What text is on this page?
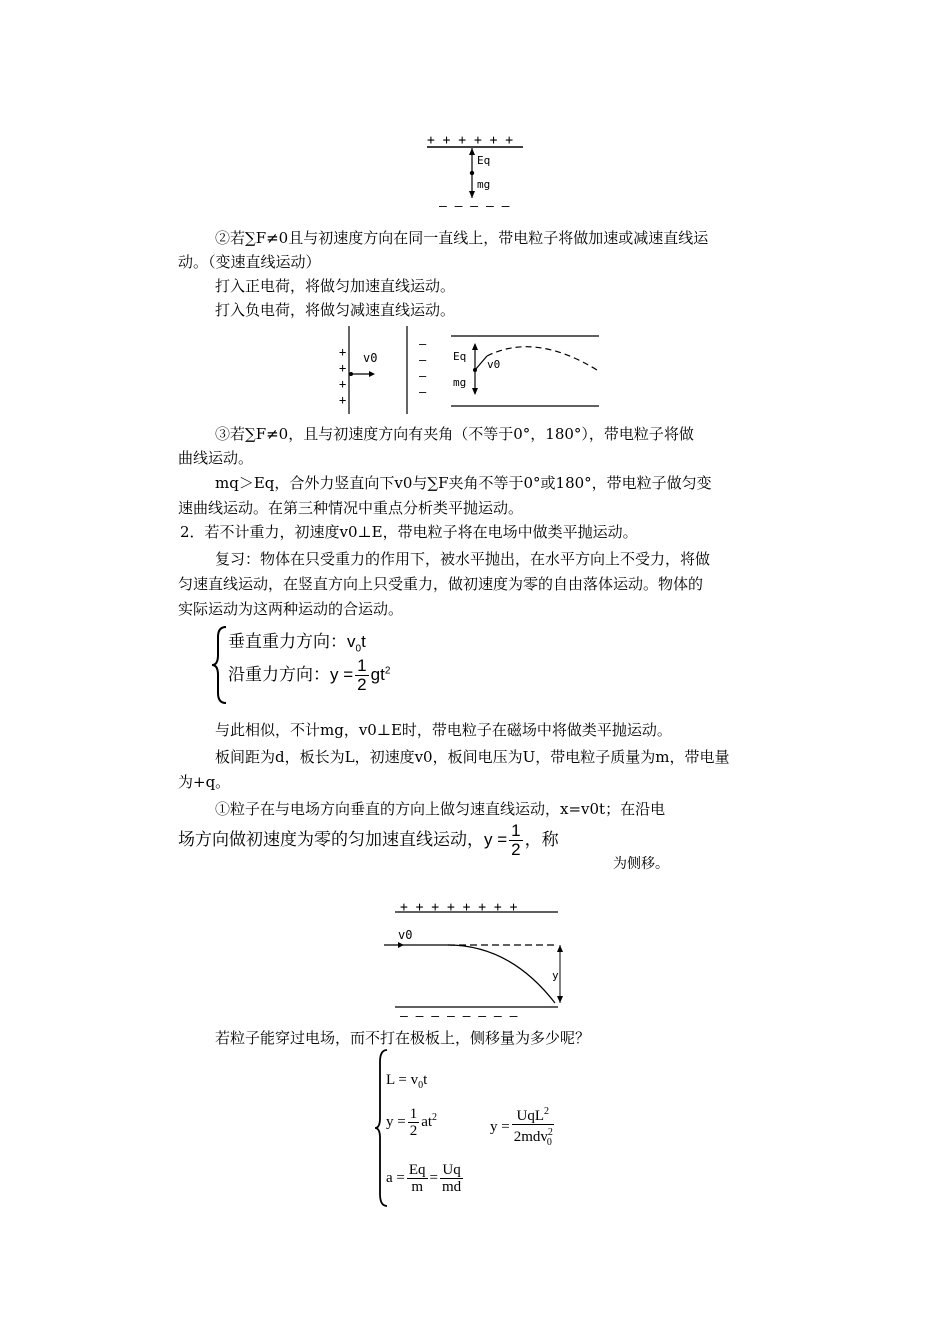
+ + + + + +
Eq
mg
– – – – –
②若∑F≠0且与初速度方向在同一直线上，带电粒子将做加速或减速直线运
动。（变速直线运动）
打入正电荷，将做匀加速直线运动。
打入负电荷，将做匀减速直线运动。
+
+
+
+
v0
–
–
–
–
Eq
mg
v0
③若∑F≠0，且与初速度方向有夹角（不等于0°，180°），带电粒子将做
曲线运动。
mq＞Eq，合外力竖直向下v0与∑F夹角不等于0°或180°，带电粒子做匀变
速曲线运动。在第三种情况中重点分析类平抛运动。
2．若不计重力，初速度v0⊥E，带电粒子将在电场中做类平抛运动。
复习：物体在只受重力的作用下，被水平抛出，在水平方向上不受力，将做
匀速直线运动，在竖直方向上只受重力，做初速度为零的自由落体运动。物体的
实际运动为这两种运动的合运动。
垂直重力方向：$v_0t$
沿重力方向：$y = \frac{1}{2} gt^2$
与此相似，不计mg，v0⊥E时，带电粒子在磁场中将做类平抛运动。
板间距为d，板长为L，初速度v0，板间电压为U，带电粒子质量为m，带电量
为+q。
①粒子在与电场方向垂直的方向上做匀速直线运动，x=v0t；在沿电
场方向做初速度为零的匀加速直线运动，$y = \frac{1}{2}$ ，称
为侧移。
+ + + + + + + +
v0
y
– – – – – – – –
若粒子能穿过电场，而不打在极板上，侧移量为多少呢？
$L = v_0t$
$y = \frac{1}{2} at^2$
$y = \frac{UqL^2}{2mdv^2_0}$
$a = \frac{Eq}{m} = \frac{Uq}{md}$
